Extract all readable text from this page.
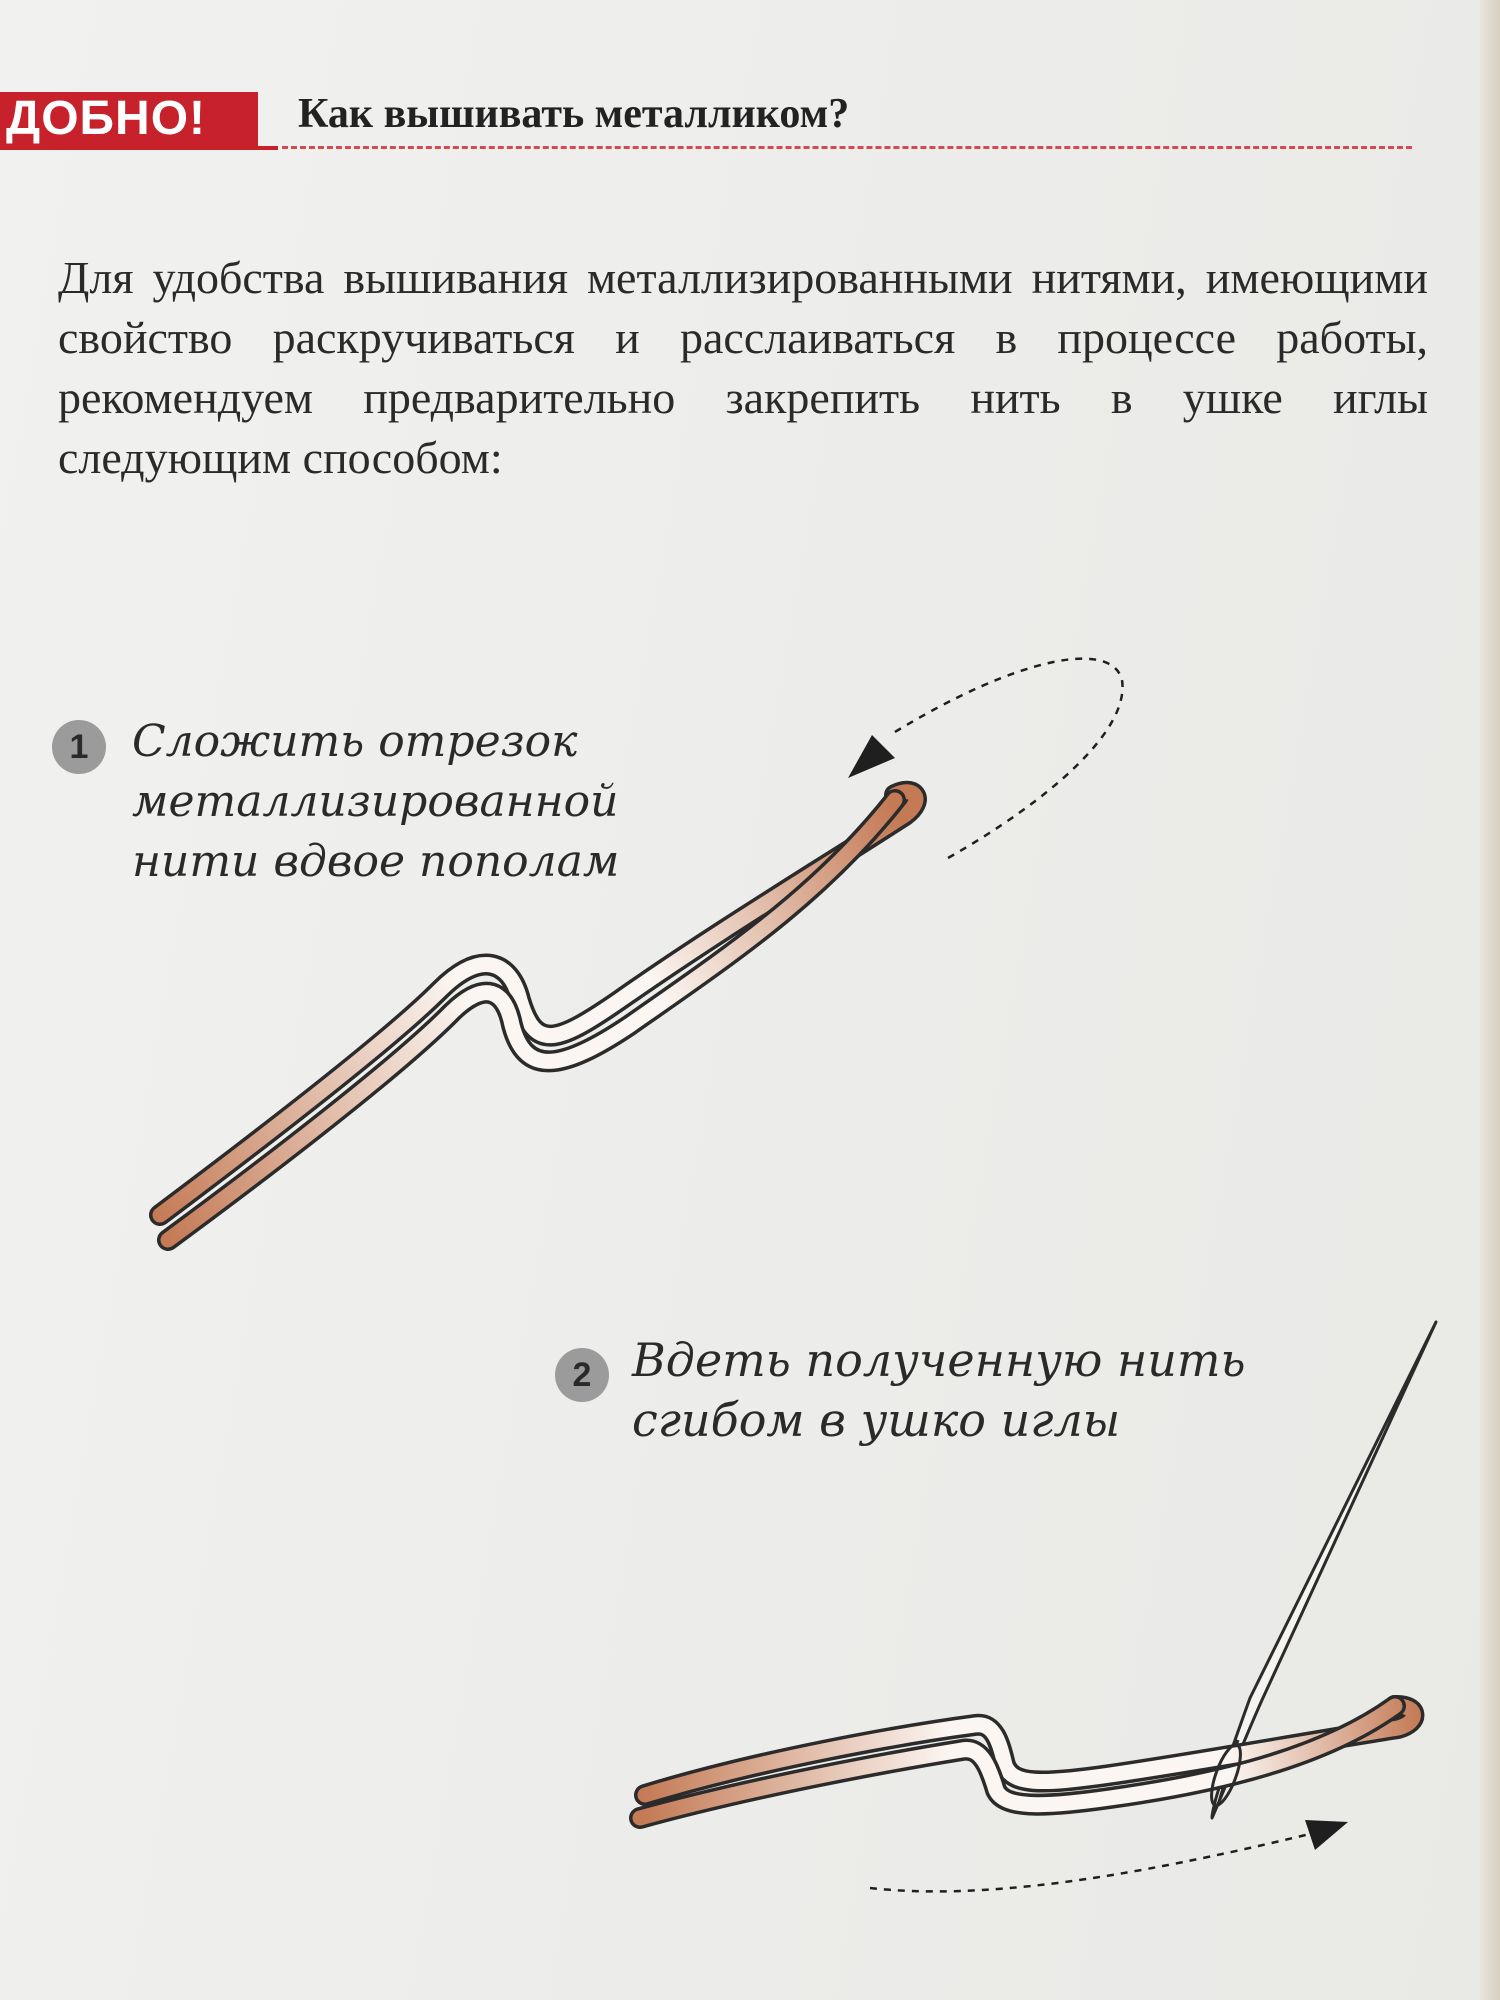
ДОБНО!	Как вышивать металликом?
Для удобства вышивания металлизированными нитями, имеющими свойство раскручиваться и расслаиваться в процессе работы, рекомендуем предварительно закрепить нить в ушке иглы следующим способом:
1 Сложить отрезок
металлизированной
нити вдвое пополам
2 Вдеть полученную нить
сгибом в ушко иглы
